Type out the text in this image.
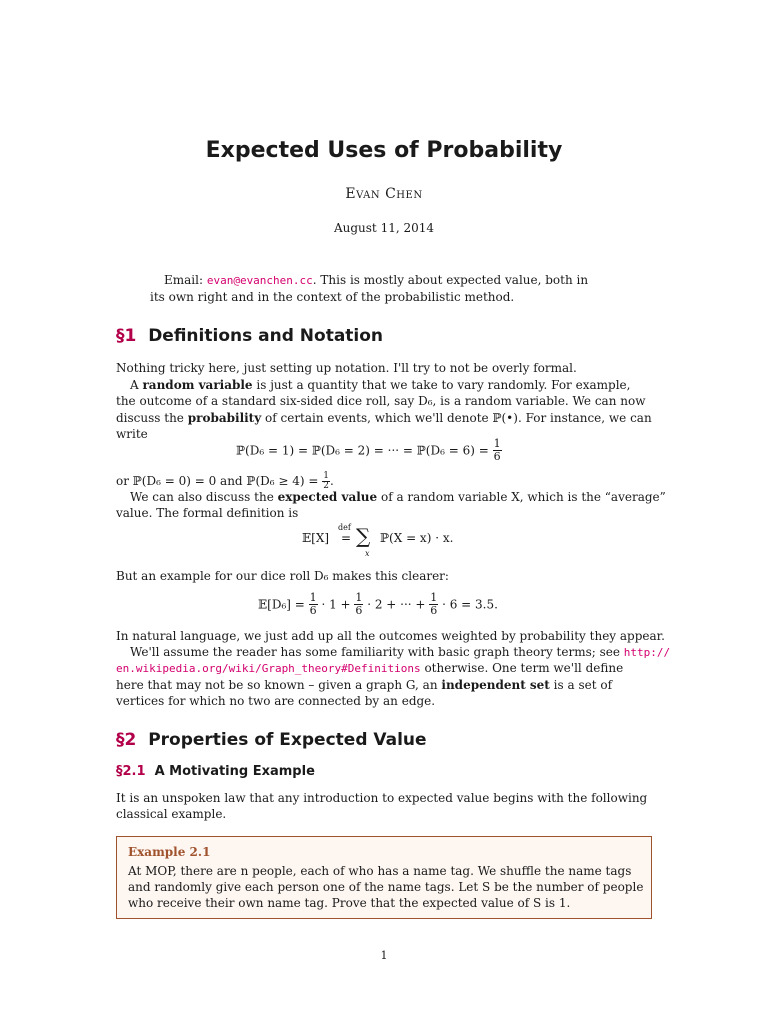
Expected Uses of Probability
Evan Chen
August 11, 2014
Email: evan@evanchen.cc. This is mostly about expected value, both in
its own right and in the context of the probabilistic method.
§1 Definitions and Notation
Nothing tricky here, just setting up notation. I'll try to not be overly formal.
A random variable is just a quantity that we take to vary randomly. For example,
the outcome of a standard six-sided dice roll, say D₆, is a random variable. We can now
discuss the probability of certain events, which we'll denote ℙ(•). For instance, we can
write
ℙ(D₆ = 1) = ℙ(D₆ = 2) = ··· = ℙ(D₆ = $6) = \frac{1}{6}$
or ℙ(D₆ = 0) = 0 and ℙ(D₆ ≥ $4) = \frac{1}{2}$ .
We can also discuss the expected value of a random variable X, which is the “average”
value. The formal definition is
𝔼[X]
def
= ∑
x
ℙ(X = x) · x.
But an example for our dice roll D₆ makes this clearer:
𝔼[D₆] = $\frac{1}{6} \cdot 1 + \frac{1}{6} \cdot 2$ + ··· + $\frac{1}{6} \cdot 6 = 3.5$.
In natural language, we just add up all the outcomes weighted by probability they appear.
We'll assume the reader has some familiarity with basic graph theory terms; see http://
en.wikipedia.org/wiki/Graph_theory#Definitions otherwise. One term we'll define
here that may not be so known – given a graph G, an independent set is a set of
vertices for which no two are connected by an edge.
§2 Properties of Expected Value
§2.1 A Motivating Example
It is an unspoken law that any introduction to expected value begins with the following
classical example.
Example 2.1
At MOP, there are n people, each of who has a name tag. We shuffle the name tags
and randomly give each person one of the name tags. Let S be the number of people
who receive their own name tag. Prove that the expected value of S is 1.
1
